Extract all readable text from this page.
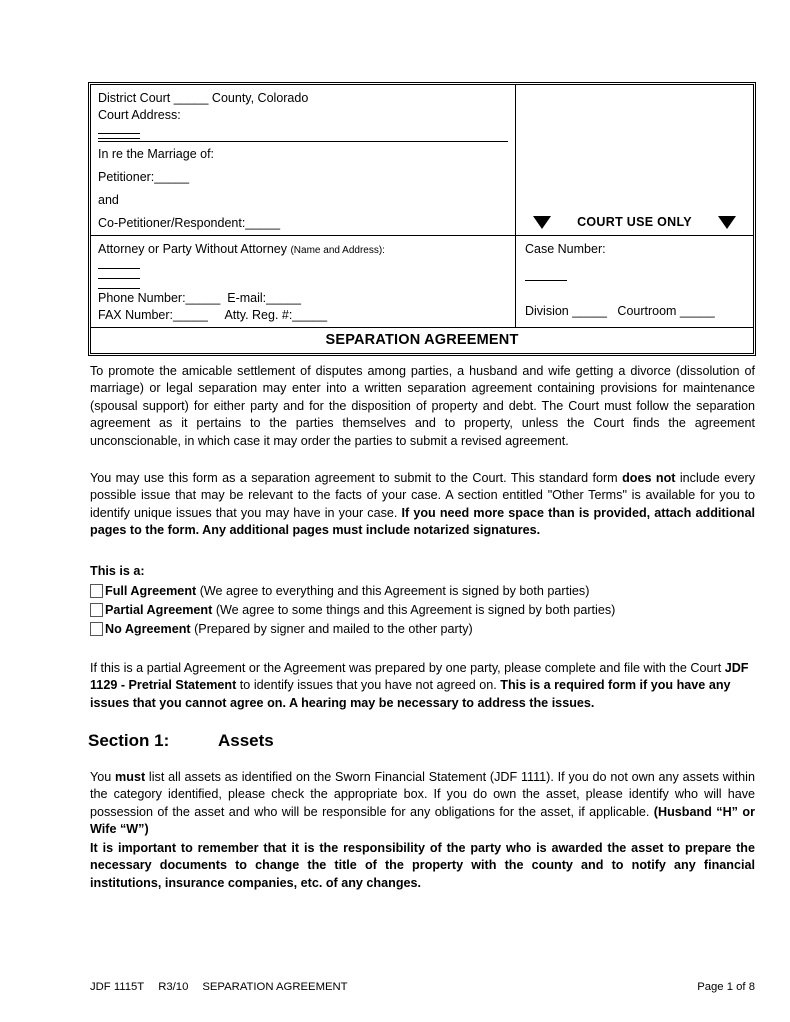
District Court _____ County, Colorado
Court Address:
In re the Marriage of:
Petitioner:_____
and
Co-Petitioner/Respondent:_____	COURT USE ONLY
Attorney or Party Without Attorney (Name and Address):
Phone Number:_____  E-mail:_____
FAX Number:_____     Atty. Reg. #:_____
Case Number:
Division _____   Courtroom _____
SEPARATION AGREEMENT

To promote the amicable settlement of disputes among parties, a husband and wife getting a divorce (dissolution of marriage) or legal separation may enter into a written separation agreement containing provisions for maintenance (spousal support) for either party and for the disposition of property and debt. The Court must follow the separation agreement as it pertains to the parties themselves and to property, unless the Court finds the agreement unconscionable, in which case it may order the parties to submit a revised agreement.

You may use this form as a separation agreement to submit to the Court. This standard form does not include every possible issue that may be relevant to the facts of your case. A section entitled "Other Terms" is available for you to identify unique issues that you may have in your case. If you need more space than is provided, attach additional pages to the form. Any additional pages must include notarized signatures.

This is a:

Full Agreement (We agree to everything and this Agreement is signed by both parties)
Partial Agreement (We agree to some things and this Agreement is signed by both parties)
No Agreement (Prepared by signer and mailed to the other party)

If this is a partial Agreement or the Agreement was prepared by one party, please complete and file with the Court JDF 1129 - Pretrial Statement to identify issues that you have not agreed on. This is a required form if you have any issues that you cannot agree on. A hearing may be necessary to address the issues.

Section 1:	Assets

You must list all assets as identified on the Sworn Financial Statement (JDF 1111). If you do not own any assets within the category identified, please check the appropriate box. If you do own the asset, please identify who will have possession of the asset and who will be responsible for any obligations for the asset, if applicable. (Husband “H” or Wife “W”)

It is important to remember that it is the responsibility of the party who is awarded the asset to prepare the necessary documents to change the title of the property with the county and to notify any financial institutions, insurance companies, etc. of any changes.

JDF 1115T R3/10 SEPARATION AGREEMENT	Page 1 of 8
